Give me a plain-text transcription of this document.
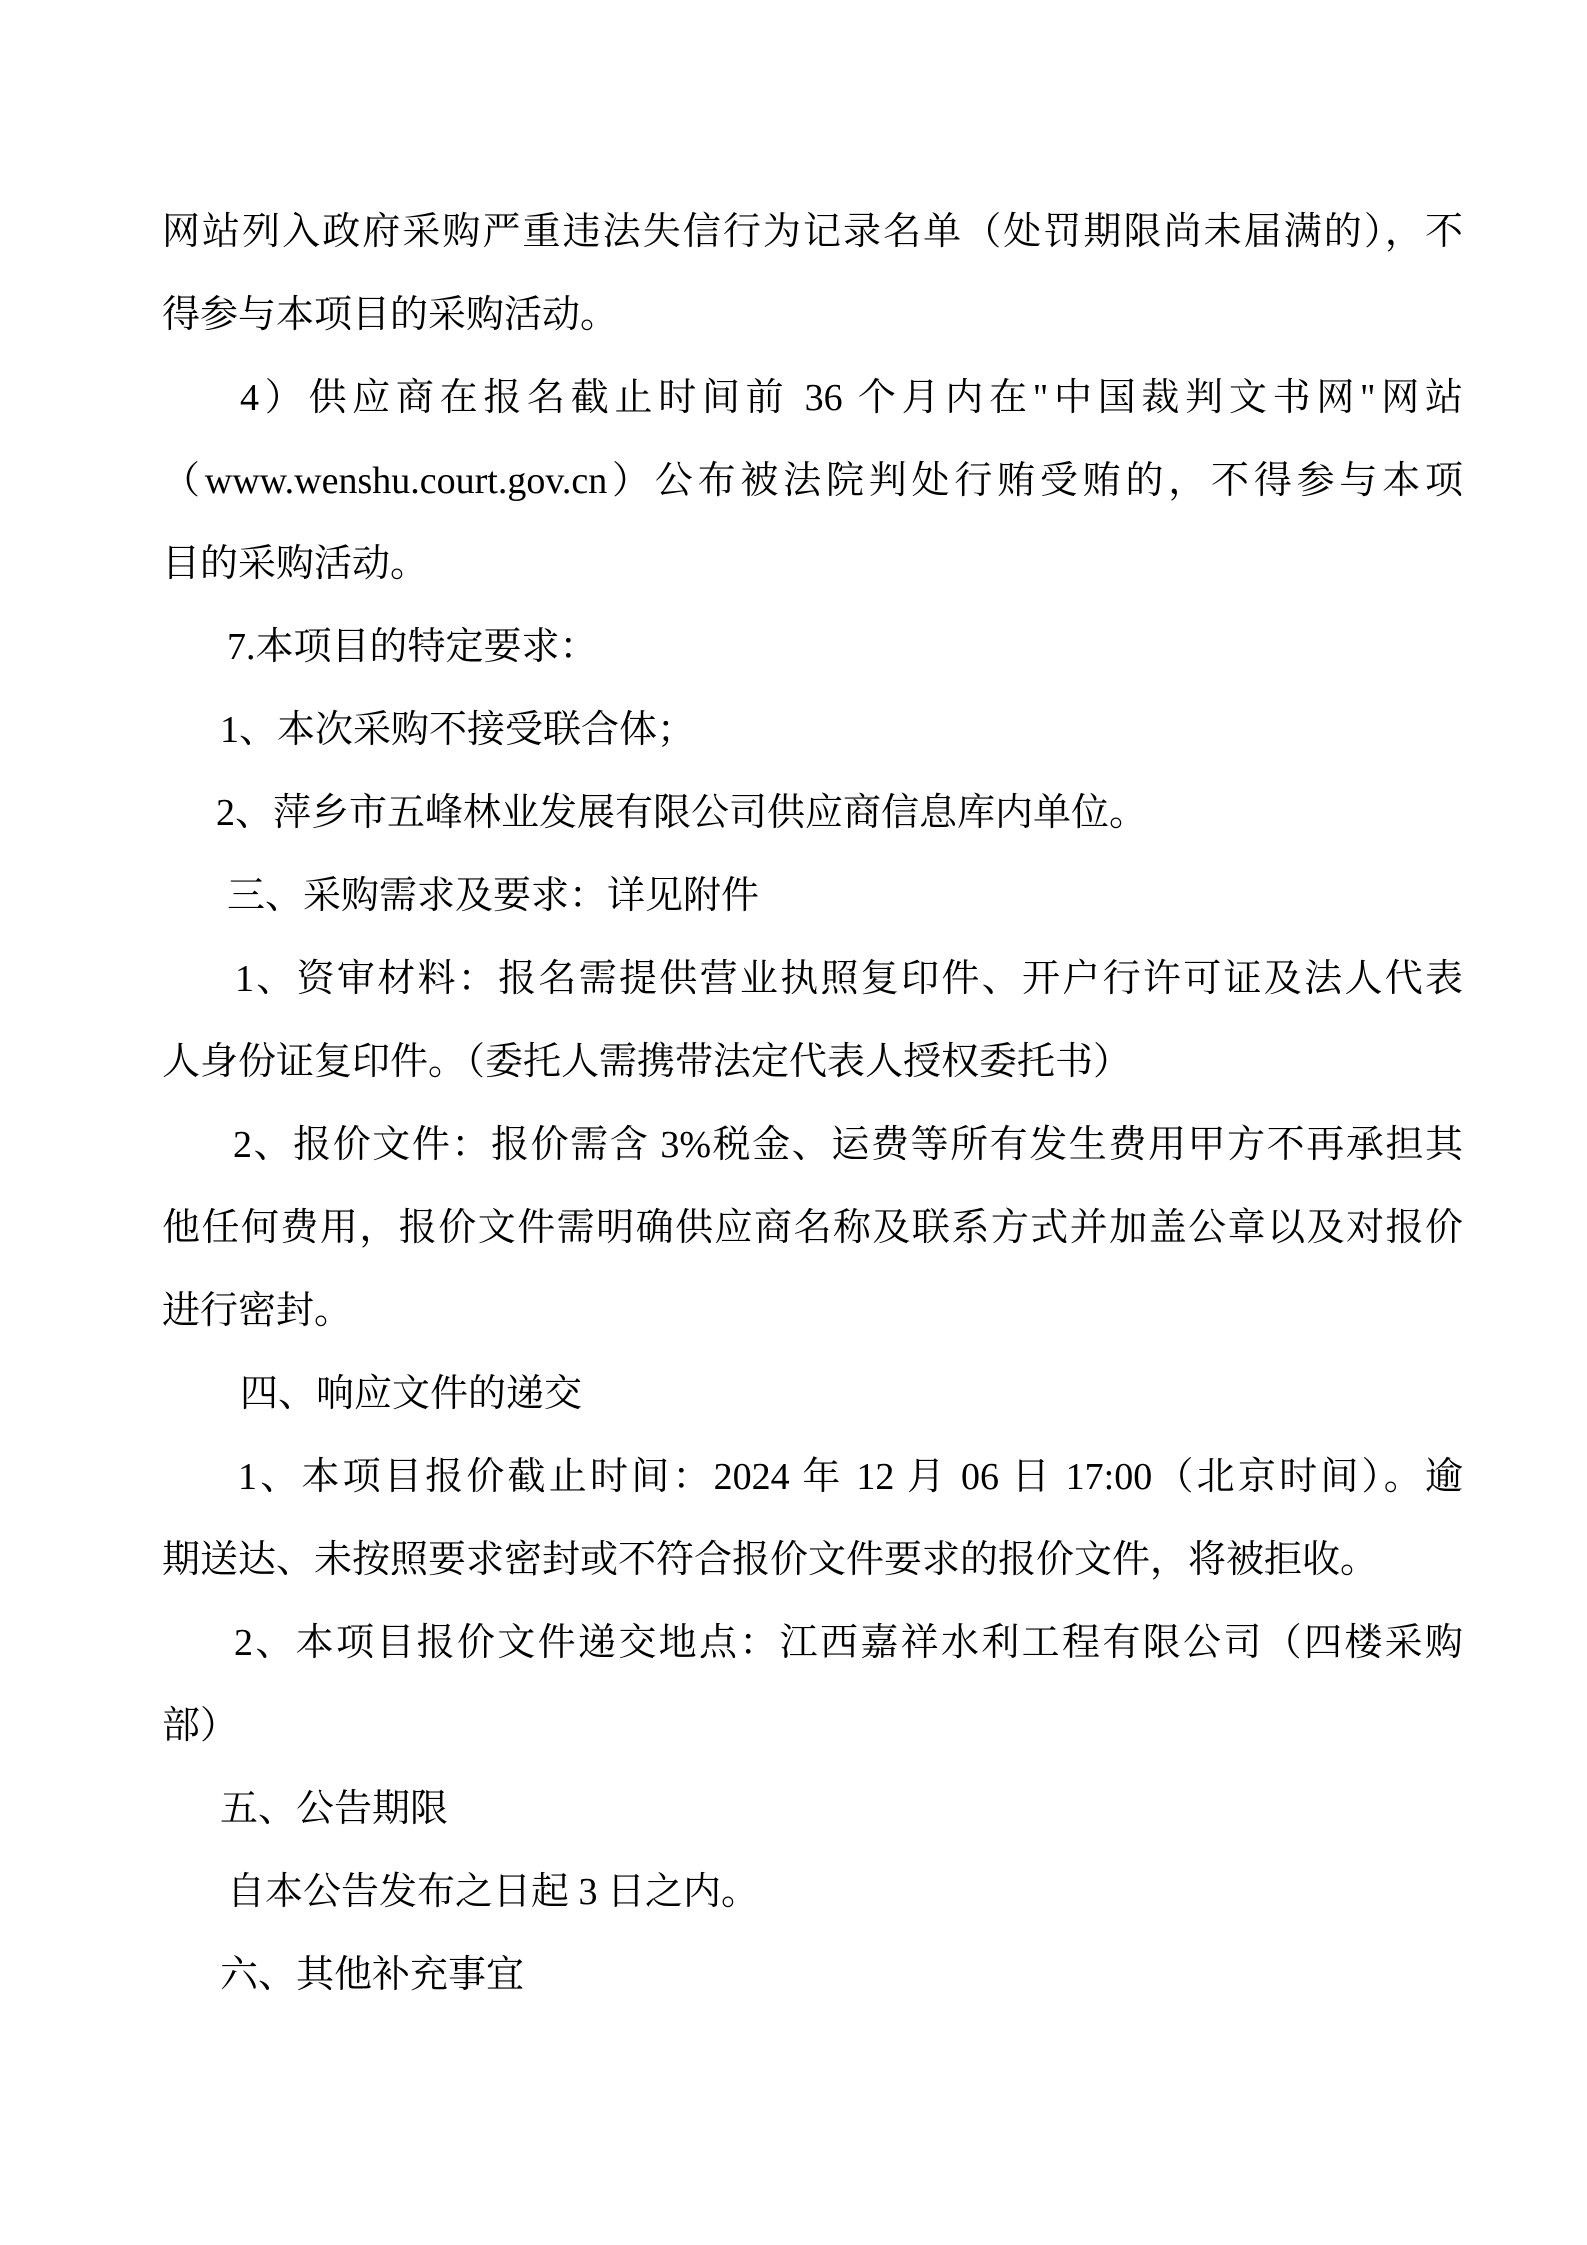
网站列入政府采购严重违法失信行为记录名单（处罚期限尚未届满的），不
得参与本项目的采购活动。
4）供应商在报名截止时间前 36 个月内在"中国裁判文书网"网站
（www.wenshu.court.gov.cn）公布被法院判处行贿受贿的，不得参与本项
目的采购活动。
7.本项目的特定要求：
1、本次采购不接受联合体；
2、萍乡市五峰林业发展有限公司供应商信息库内单位。
三、采购需求及要求：详见附件
1、资审材料：报名需提供营业执照复印件、开户行许可证及法人代表
人身份证复印件。（委托人需携带法定代表人授权委托书）
2、报价文件：报价需含 3%税金、运费等所有发生费用甲方不再承担其
他任何费用，报价文件需明确供应商名称及联系方式并加盖公章以及对报价
进行密封。
四、响应文件的递交
1、本项目报价截止时间：2024 年 12 月 06 日 17:00（北京时间）。逾
期送达、未按照要求密封或不符合报价文件要求的报价文件，将被拒收。
2、本项目报价文件递交地点：江西嘉祥水利工程有限公司（四楼采购
部）
五、公告期限
自本公告发布之日起 3 日之内。
六、其他补充事宜
